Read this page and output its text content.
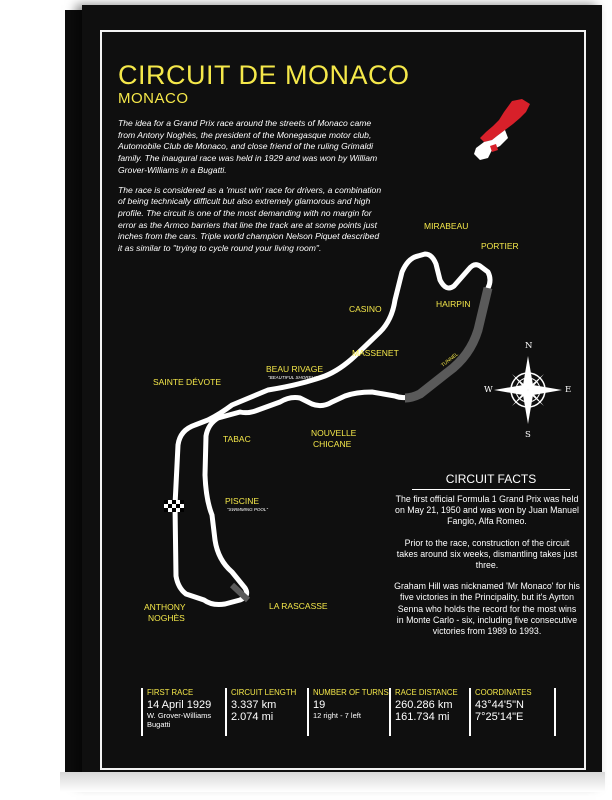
CIRCUIT DE MONACO
MONACO

The idea for a Grand Prix race around the streets of Monaco came from Antony Noghès, the president of the Monegasque motor club, Automobile Club de Monaco, and close friend of the ruling Grimaldi family. The inaugural race was held in 1929 and was won by William Grover-Williams in a Bugatti.

The race is considered as a 'must win' race for drivers, a combination of being technically difficult but also extremely glamorous and high profile. The circuit is one of the most demanding with no margin for error as the Armco barriers that line the track are at some points just inches from the cars. Triple world champion Nelson Piquet described it as similar to "trying to cycle round your living room".

N
S
E
W
MIRABEAU
PORTIER
HAIRPIN
CASINO
MASSENET	TUNNEL
BEAU RIVAGE
"BEAUTIFUL SHORELINE"
SAINTE DÉVOTE
TABAC
NOUVELLE
CHICANE
PISCINE
"SWIMMING POOL"
ANTHONY
NOGHÈS
LA RASCASSE
CIRCUIT FACTS

The first official Formula 1 Grand Prix was held on May 21, 1950 and was won by Juan Manuel Fangio, Alfa Romeo.

Prior to the race, construction of the circuit takes around six weeks, dismantling takes just three.

Graham Hill was nicknamed 'Mr Monaco' for his five victories in the Principality, but it's Ayrton Senna who holds the record for the most wins in Monte Carlo - six, including five consecutive victories from 1989 to 1993.

FIRST RACE
14 April 1929
W. Grover-Williams
Bugatti
CIRCUIT LENGTH
3.337 km
2.074 mi
NUMBER OF TURNS
19
12 right - 7 left
RACE DISTANCE
260.286 km
161.734 mi
COORDINATES
43°44'5"N
7°25'14"E
